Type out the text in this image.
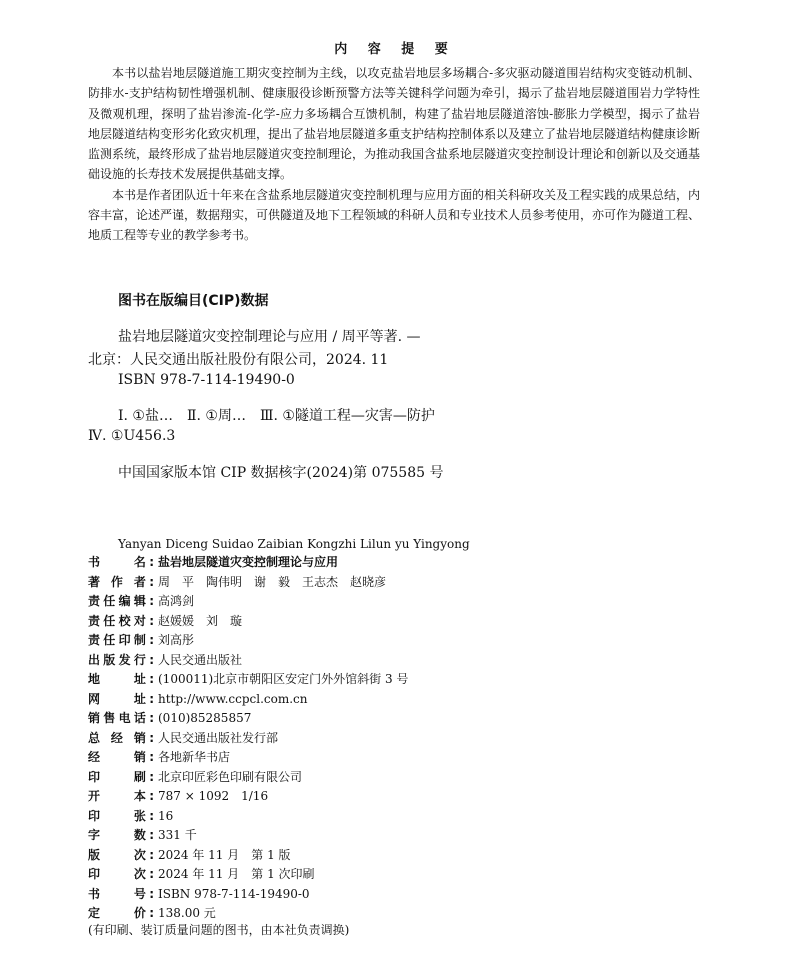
内 容 提 要

本书以盐岩地层隧道施工期灾变控制为主线，以攻克盐岩地层多场耦合-多灾驱动隧道围岩结构灾变链动机制、防排水-支护结构韧性增强机制、健康服役诊断预警方法等关键科学问题为牵引，揭示了盐岩地层隧道围岩力学特性及微观机理，探明了盐岩渗流-化学-应力多场耦合互馈机制，构建了盐岩地层隧道溶蚀-膨胀力学模型，揭示了盐岩地层隧道结构变形劣化致灾机理，提出了盐岩地层隧道多重支护结构控制体系以及建立了盐岩地层隧道结构健康诊断监测系统，最终形成了盐岩地层隧道灾变控制理论，为推动我国含盐系地层隧道灾变控制设计理论和创新以及交通基础设施的长寿技术发展提供基础支撑。

本书是作者团队近十年来在含盐系地层隧道灾变控制机理与应用方面的相关科研攻关及工程实践的成果总结，内容丰富，论述严谨，数据翔实，可供隧道及地下工程领域的科研人员和专业技术人员参考使用，亦可作为隧道工程、地质工程等专业的教学参考书。

图书在版编目(CIP)数据
盐岩地层隧道灾变控制理论与应用 / 周平等著. —
北京：人民交通出版社股份有限公司，2024. 11
ISBN 978-7-114-19490-0
Ⅰ. ①盐…　Ⅱ. ①周…　Ⅲ. ①隧道工程—灾害—防护
Ⅳ. ①U456.3
中国国家版本馆 CIP 数据核字(2024)第 075585 号
Yanyan Diceng Suidao Zaibian Kongzhi Lilun yu Yingyong
书　　名: 盐岩地层隧道灾变控制理论与应用
著 作 者: 周　平　陶伟明　谢　毅　王志杰　赵晓彦
责任编辑: 高鸿剑
责任校对: 赵媛媛　刘　璇
责任印制: 刘高彤
出版发行: 人民交通出版社
地　　址: (100011)北京市朝阳区安定门外外馆斜街 3 号
网　　址: http://www.ccpcl.com.cn
销售电话: (010)85285857
总 经 销: 人民交通出版社发行部
经　　销: 各地新华书店
印　　刷: 北京印匠彩色印刷有限公司
开　　本: 787 × 1092　1/16
印　　张: 16
字　　数: 331 千
版　　次: 2024 年 11 月　第 1 版
印　　次: 2024 年 11 月　第 1 次印刷
书　　号: ISBN 978-7-114-19490-0
定　　价: 138.00 元
(有印刷、装订质量问题的图书，由本社负责调换)
